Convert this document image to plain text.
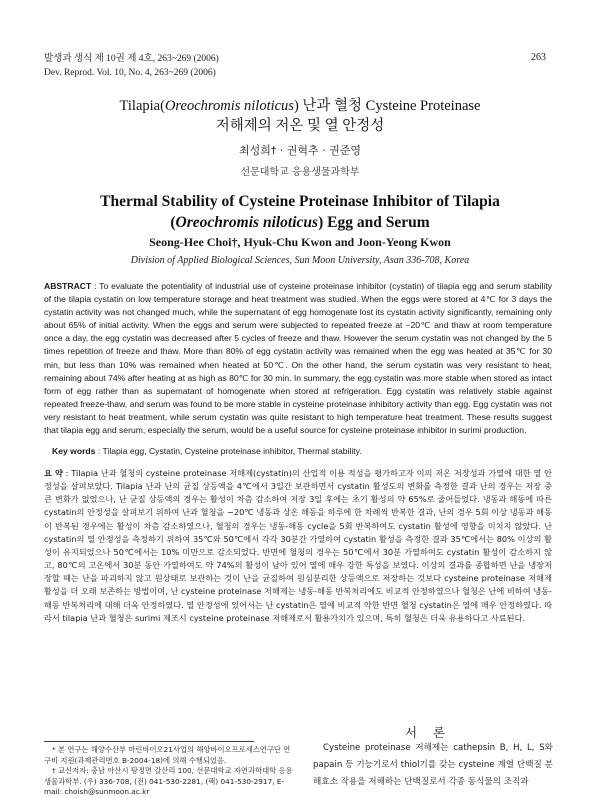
발생과 생식 제 10권 제 4호, 263~269 (2006)
Dev. Reprod. Vol. 10, No. 4, 263~269 (2006)
263
Tilapia(Oreochromis niloticus) 난과 혈청 Cysteine Proteinase
저해제의 저온 및 열 안정성
최성희† · 권혁추 · 권준영
선문대학교 응용생물과학부
Thermal Stability of Cysteine Proteinase Inhibitor of Tilapia
(Oreochromis niloticus) Egg and Serum
Seong-Hee Choi†, Hyuk-Chu Kwon and Joon-Yeong Kwon
Division of Applied Biological Sciences, Sun Moon University, Asan 336-708, Korea
ABSTRACT : To evaluate the potentiality of industrial use of cysteine proteinase inhibitor (cystatin) of tilapia egg and serum stability of the tilapia cystatin on low temperature storage and heat treatment was studied. When the eggs were stored at 4℃ for 3 days the cystatin activity was not changed much, while the supernatant of egg homogenate lost its cystatin activity significantly, remaining only about 65% of initial activity. When the eggs and serum were subjected to repeated freeze at −20℃ and thaw at room temperature once a day, the egg cystatin was decreased after 5 cycles of freeze and thaw. However the serum cystatin was not changed by the 5 times repetition of freeze and thaw. More than 80% of egg cystatin activity was remained when the egg was heated at 35℃ for 30 min, but less than 10% was remained when heated at 50℃. On the other hand, the serum cystatin was very resistant to heat, remaining about 74% after heating at as high as 80℃ for 30 min. In summary, the egg cystatin was more stable when stored as intact form of egg rather than as supernatant of homogenate when stored at refrigeration. Egg cystatin was relatively stable against repeated freeze-thaw, and serum was found to be more stable in cysteine proteinase inhibitory activity than egg. Egg cystatin was not very resistant to heat treatment, while serum cystatin was quite resistant to high temperature heat treatment. These results suggest that tilapia egg and serum, especially the serum, would be a useful source for cysteine proteinase inhibitor in surimi production.
Key words : Tilapia egg, Cystatin, Cysteine proteinase inhibitor, Thermal stability.
요 약 : Tilapia 난과 혈청의 cysteine proteinase 저해제(cystatin)의 산업적 이용 적성을 평가하고자 이의 저온 저장성과 가열에 대한 열 안정성을 살펴보았다. Tilapia 난과 난의 균질 상등액을 4℃에서 3일간 보관하면서 cystatin 활성도의 변화를 측정한 결과 난의 경우는 저장 중 큰 변화가 없었으나, 난 균질 상등액의 경우는 활성이 차츰 감소하여 저장 3일 후에는 초기 활성의 약 65%로 줄어들었다. 냉동과 해동에 따른 cystatin의 안정성을 살펴보기 위하여 난과 혈청을 −20℃ 냉동과 상온 해동을 하루에 한 차례씩 반복한 결과, 난의 경우 5회 이상 냉동과 해동이 반복된 경우에는 활성이 차츰 감소하였으나, 혈청의 경우는 냉동-해동 cycle을 5회 반복하여도 cystatin 활성에 영향을 미치지 않았다. 난 cystatin의 열 안정성을 측정하기 위하여 35℃와 50℃에서 각각 30분간 가열하여 cystatin 활성을 측정한 결과 35℃에서는 80% 이상의 활성이 유지되었으나 50℃에서는 10% 미만으로 감소되었다. 반면에 혈청의 경우는 50℃에서 30분 가열하여도 cystatin 활성이 감소하지 않고, 80℃의 고온에서 30분 동안 가열하여도 약 74%의 활성이 남아 있어 열에 매우 강한 특성을 보였다. 이상의 결과를 종합하면 난을 냉장저장할 때는 난을 파괴하지 않고 원상태로 보관하는 것이 난을 균질하여 원심분리한 상등액으로 저장하는 것보다 cysteine proteinase 저해제 활성을 더 오래 보존하는 방법이며, 난 cysteine proteinase 저해제는 냉동-해동 반복처리에도 비교적 안정하였으나 혈청은 난에 비하여 냉동-해동 반복처리에 대해 더욱 안정하였다. 열 안정성에 있어서는 난 cystatin은 열에 비교적 약한 반면 혈청 cystatin은 열에 매우 안정하였다. 따라서 tilapia 난과 혈청은 surimi 제조시 cysteine proteinase 저해제로서 활용가치가 있으며, 특히 혈청은 더욱 유용하다고 사료된다.
서 론

* 본 연구는 해양수산부 마린바이오21사업의 해양바이오프로세스연구단 연구비 지원(과제관리번호 B-2004-18)에 의해 수행되었음.

† 교신저자: 충남 아산시 탕정면 갈산리 100, 선문대학교 자연과학대학 응용생물과학부. (우) 336-708, (전) 041-530-2281, (팩) 041-530-2917, E-mail: choish@sunmoon.ac.kr

Cysteine proteinase 저해제는 cathepsin B, H, L, S와 papain 등 기능기로서 thiol기를 갖는 cysteine 계열 단백질 분해효소 작용을 저해하는 단백질로서 각종 동식물의 조직과
